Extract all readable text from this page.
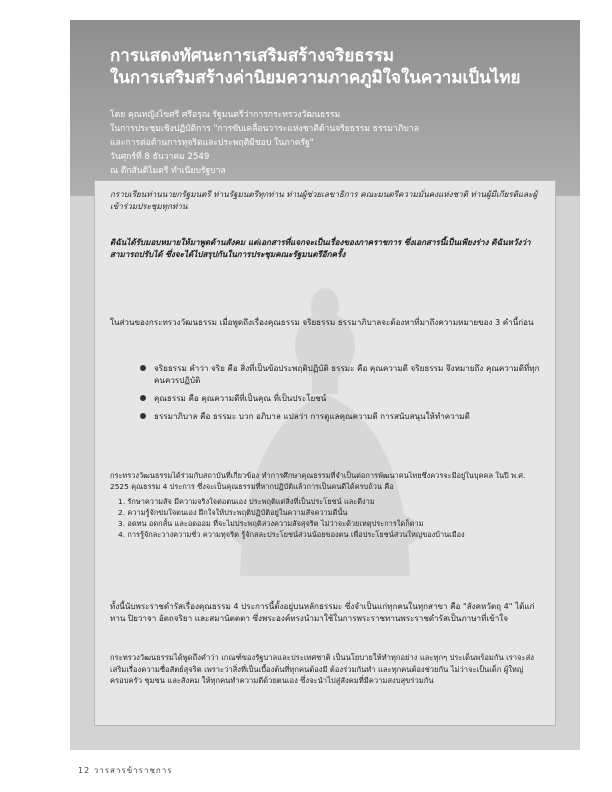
การแสดงทัศนะการเสริมสร้างจริยธรรม
ในการเสริมสร้างค่านิยมความภาคภูมิใจในความเป็นไทย
โดย คุณหญิงไขศรี ศรีอรุณ รัฐมนตรีว่าการกระทรวงวัฒนธรรม
ในการประชุมเชิงปฏิบัติการ "การขับเคลื่อนวาระแห่งชาติด้านจริยธรรม ธรรมาภิบาล
และการต่อต้านการทุจริตและประพฤติมิชอบ ในภาครัฐ"
วันศุกร์ที่ 8 ธันวาคม 2549
ณ ตึกสันติไมตรี ทำเนียบรัฐบาล
กราบเรียนท่านนายกรัฐมนตรี ท่านรัฐมนตรีทุกท่าน ท่านผู้ช่วยเลขาธิการ คณะมนตรีความมั่นคงแห่งชาติ ท่านผู้มีเกียรติและผู้เข้าร่วมประชุมทุกท่าน
ดิฉันได้รับมอบหมายให้มาพูดด้านสังคม แต่เอกสารที่แจกจะเป็นเรื่องของภาคราชการ ซึ่งเอกสารนี้เป็นเพียงร่าง ดิฉันหวังว่าสามารถปรับได้ ซึ่งจะได้ไปสรุปกันในการประชุมคณะรัฐมนตรีอีกครั้ง
ในส่วนของกระทรวงวัฒนธรรม เมื่อพูดถึงเรื่องคุณธรรม จริยธรรม ธรรมาภิบาลจะต้องหาที่มาถึงความหมายของ 3 คำนี้ก่อน
จริยธรรม คำว่า จริย คือ สิ่งที่เป็นข้อประพฤติปฏิบัติ ธรรมะ คือ คุณความดี จริยธรรม จึงหมายถึง คุณความดีที่ทุกคนควรปฏิบัติ
คุณธรรม คือ คุณความดีที่เป็นคุณ ที่เป็นประโยชน์
ธรรมาภิบาล คือ ธรรมะ บวก อภิบาล แปลว่า การดูแลคุณความดี การสนับสนุนให้ทำความดี

กระทรวงวัฒนธรรมได้ร่วมกับสถาบันที่เกี่ยวข้อง ทำการศึกษาคุณธรรมที่จำเป็นต่อการพัฒนาคนไทยซึ่งควรจะมีอยู่ในบุคคล ในปี พ.ศ. 2525 คุณธรรม 4 ประการ ซึ่งจะเป็นคุณธรรมที่หากปฏิบัติแล้วการเป็นคนดีได้ครบถ้วน คือ

1. รักษาความสัจ มีความจริงใจต่อตนเอง ประพฤติแต่สิ่งที่เป็นประโยชน์ และดีงาม
2. ความรู้จักข่มใจตนเอง ฝึกใจให้ประพฤติปฏิบัติอยู่ในความสัจความดีนั้น
3. อดทน อดกลั้น และอดออม ที่จะไม่ประพฤติล่วงความสัจสุจริต ไม่ว่าจะด้วยเหตุประการใดก็ตาม
4. การรู้จักละวางความชั่ว ความทุจริต รู้จักสละประโยชน์ส่วนน้อยของตน เพื่อประโยชน์ส่วนใหญ่ของบ้านเมือง
ทั้งนี้นับพระราชดำรัสเรื่องคุณธรรม 4 ประการนี้ตั้งอยู่บนหลักธรรมะ ซึ่งจำเป็นแก่ทุกคนในทุกสาขา คือ "สังคหวัตถุ 4" ได้แก่ ทาน ปิยวาจา อัตถจริยา และสมานัตตตา ซึ่งพระองค์ทรงนำมาใช้ในการพระราชทานพระราชดำรัสเป็นภาษาที่เข้าใจ
กระทรวงวัฒนธรรมได้พูดถึงคำว่า เกณฑ์ของรัฐบาลและประเทศชาติ เป็นนโยบายให้ทำทุกอย่าง และทุกๆ ประเด็นพร้อมกัน เราจะส่งเสริมเรื่องความซื่อสัตย์สุจริต เพราะว่าสิ่งที่เป็นเบื้องต้นที่ทุกคนต้องมี ต้องร่วมกันทำ และทุกคนต้องช่วยกัน ไม่ว่าจะเป็นเด็ก ผู้ใหญ่ ครอบครัว ชุมชน และสังคม ให้ทุกคนทำความดีด้วยตนเอง ซึ่งจะนำไปสู่สังคมที่มีความสงบสุขร่วมกัน
12 วารสารข้าราชการ
